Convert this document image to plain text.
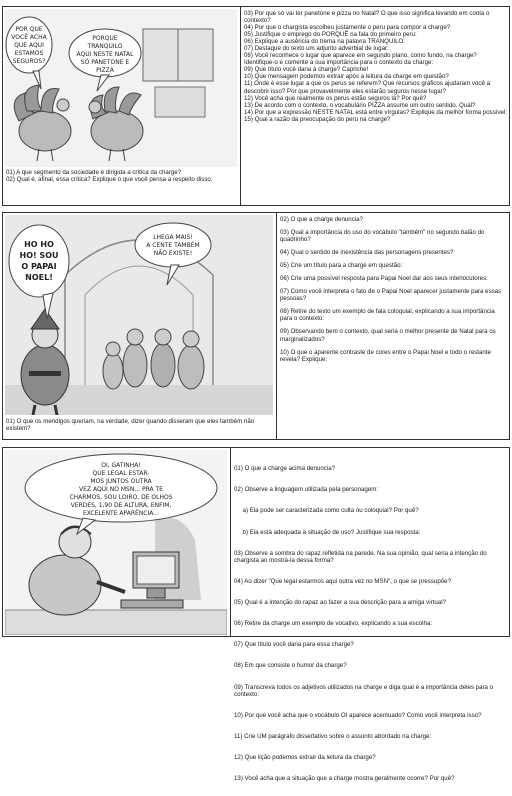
POR QUE
VOCÊ ACHA
QUE AQUI
ESTAMOS
SEGUROS?
PORQUE
TRANQUILO
AQUI NESTE NATAL
SÓ PANETONE E
PIZZA

01) A que segmento da sociedade é dirigida a crítica da charge?

02) Qual é, afinal, essa crítica? Explique o que você pensa a respeito disso.

03) Por que só vai ter panetone e pizza no Natal? O que isso significa levando em conta o contexto?

04) Por que o chargista escolheu justamente o peru para compor a charge?

05) Justifique o emprego do PORQUÊ na fala do primeiro peru:

06) Explique a ausência do trema na palavra TRANQUILO:

07) Destaque do texto um adjunto adverbial de lugar:

08) Você reconhece o lugar que aparece em segundo plano, como fundo, na charge? Identifique-o e comente a sua importância para o contexto da charge:

09) Que título você daria à charge? Capriche!

10) Que mensagem podemos extrair após a leitura da charge em questão?

11) Onde é esse lugar a que os perus se referem? Que recursos gráficos ajudaram você a descobrir isso? Por que provavelmente eles estarão seguros nesse lugar?

12) Você acha que realmente os perus estão seguros lá? Por quê?

13) De acordo com o contexto, o vocabulário PIZZA assume um outro sentido. Qual?

14) Por que a expressão NESTE NATAL está entre vírgulas? Explique da melhor forma possível:

15) Qual a razão da preocupação do peru na charge?

HO HO
HO! SOU
O PAPAI
NOEL!
LHEGA MAIS!
A CENTE TAMBÉM
NÃO EXISTE!
01) O que os mendigos queriam, na verdade, dizer quando disseram que eles também não existem?

02) O que a charge denuncia?

03) Qual a importância do uso do vocábulo "também" no segundo balão do quadrinho?

04) Qual o sentido de inexistência das personagens presentes?

05) Crie um título para a charge em questão:

06) Crie uma possível resposta para Papai Noel dar aos seus interlocutores:

07) Como você interpreta o fato de o Papai Noel aparecer justamente para essas pessoas?

08) Retire do texto um exemplo de fala coloquial, explicando a sua importância para o contexto:

09) Observando bem o contexto, qual seria o melhor presente de Natal para os marginalizados?

10) O que o aparente contraste de cores entre o Papai Noel e todo o restante revela? Explique:

OI, GATINHA!
QUE LEGAL ESTAR-
MOS JUNTOS OUTRA
VEZ AQUI NO MSN... PRA TE
CHARMOS, SOU LOIRO, DE OLHOS
VERDES, 1,90 DE ALTURA, ENFIM,
EXCELENTE APARÊNCIA...

01) O que a charge acima denuncia?

02) Observe a linguagem utilizada pela personagem:

a) Ela pode ser caracterizada como culta ou coloquial? Por quê?

b) Ela está adequada à situação de uso? Justifique sua resposta:

03) Observe a sombra do rapaz refletida na parede. Na sua opinião, qual seria a intenção do chargista ao mostrá-la dessa forma?

04) Ao dizer "Que legal estarmos aqui outra vez no MSN", o que se pressupõe?

05) Qual é a intenção do rapaz ao fazer a sua descrição para a amiga virtual?

06) Retire da charge um exemplo de vocativo, explicando a sua escolha:

07) Que título você daria para essa charge?

08) Em que consiste o humor da charge?

09) Transcreva todos os adjetivos utilizados na charge e diga qual é a importância deles para o contexto:

10) Por que você acha que o vocábulo OI aparece acentuado? Como você interpreta isso?

11) Crie UM parágrafo dissertativo sobre o assunto abordado na charge:

12) Que lição podemos extrair da leitura da charge?

13) Você acha que a situação que a charge mostra geralmente ocorre? Por quê?
